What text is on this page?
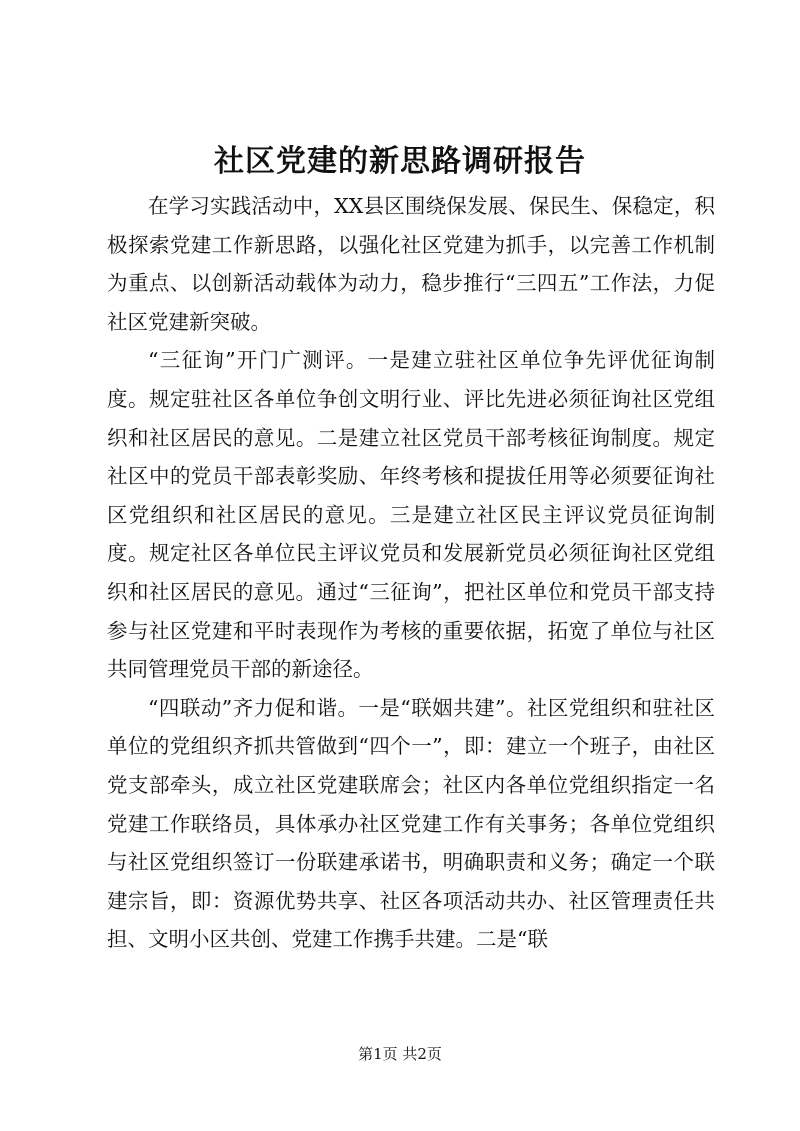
社区党建的新思路调研报告

在学习实践活动中，XX县区围绕保发展、保民生、保稳定，积极探索党建工作新思路，以强化社区党建为抓手，以完善工作机制为重点、以创新活动载体为动力，稳步推行“三四五”工作法，力促社区党建新突破。

“三征询”开门广测评。一是建立驻社区单位争先评优征询制度。规定驻社区各单位争创文明行业、评比先进必须征询社区党组织和社区居民的意见。二是建立社区党员干部考核征询制度。规定社区中的党员干部表彰奖励、年终考核和提拔任用等必须要征询社区党组织和社区居民的意见。三是建立社区民主评议党员征询制度。规定社区各单位民主评议党员和发展新党员必须征询社区党组织和社区居民的意见。通过“三征询”，把社区单位和党员干部支持参与社区党建和平时表现作为考核的重要依据，拓宽了单位与社区共同管理党员干部的新途径。

“四联动”齐力促和谐。一是“联姻共建”。社区党组织和驻社区单位的党组织齐抓共管做到“四个一”，即：建立一个班子，由社区党支部牵头，成立社区党建联席会；社区内各单位党组织指定一名党建工作联络员，具体承办社区党建工作有关事务；各单位党组织与社区党组织签订一份联建承诺书，明确职责和义务；确定一个联建宗旨，即：资源优势共享、社区各项活动共办、社区管理责任共担、文明小区共创、党建工作携手共建。二是“联

第1页 共2页
